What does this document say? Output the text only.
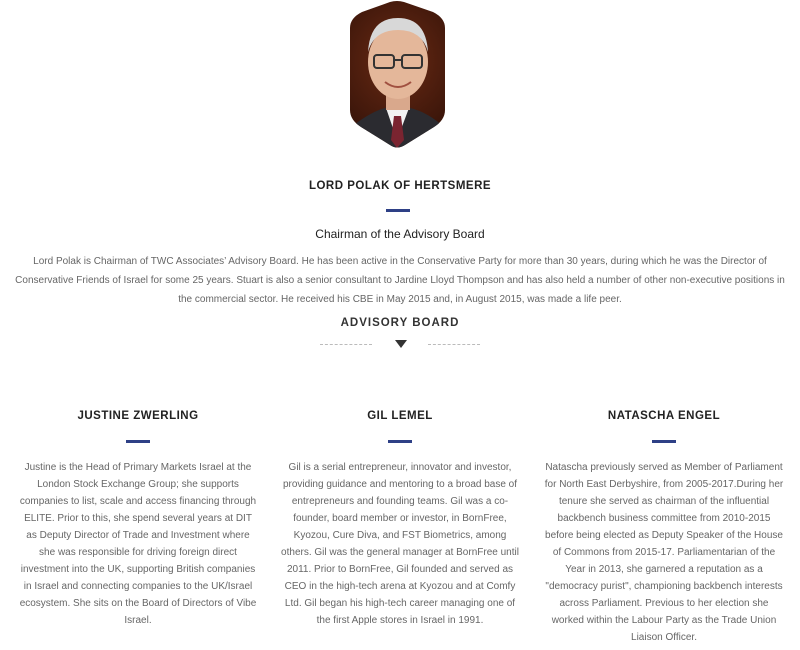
LORD POLAK OF HERTSMERE
Chairman of the Advisory Board
Lord Polak is Chairman of TWC Associates’ Advisory Board. He has been active in the Conservative Party for more than 30 years, during which he was the Director of Conservative Friends of Israel for some 25 years. Stuart is also a senior consultant to Jardine Lloyd Thompson and has also held a number of other non-executive positions in the commercial sector. He received his CBE in May 2015 and, in August 2015, was made a life peer.
ADVISORY BOARD
JUSTINE ZWERLING
Justine is the Head of Primary Markets Israel at the London Stock Exchange Group; she supports companies to list, scale and access financing through ELITE. Prior to this, she spend several years at DIT as Deputy Director of Trade and Investment where she was responsible for driving foreign direct investment into the UK, supporting British companies in Israel and connecting companies to the UK/Israel ecosystem. She sits on the Board of Directors of Vibe Israel.
GIL LEMEL
Gil is a serial entrepreneur, innovator and investor, providing guidance and mentoring to a broad base of entrepreneurs and founding teams. Gil was a co-founder, board member or investor, in BornFree, Kyozou, Cure Diva, and FST Biometrics, among others. Gil was the general manager at BornFree until 2011. Prior to BornFree, Gil founded and served as CEO in the high-tech arena at Kyozou and at Comfy Ltd. Gil began his high-tech career managing one of the first Apple stores in Israel in 1991.
NATASCHA ENGEL
Natascha previously served as Member of Parliament for North East Derbyshire, from 2005-2017.During her tenure she served as chairman of the influential backbench business committee from 2010-2015 before being elected as Deputy Speaker of the House of Commons from 2015-17. Parliamentarian of the Year in 2013, she garnered a reputation as a "democracy purist", championing backbench interests across Parliament. Previous to her election she worked within the Labour Party as the Trade Union Liaison Officer.
